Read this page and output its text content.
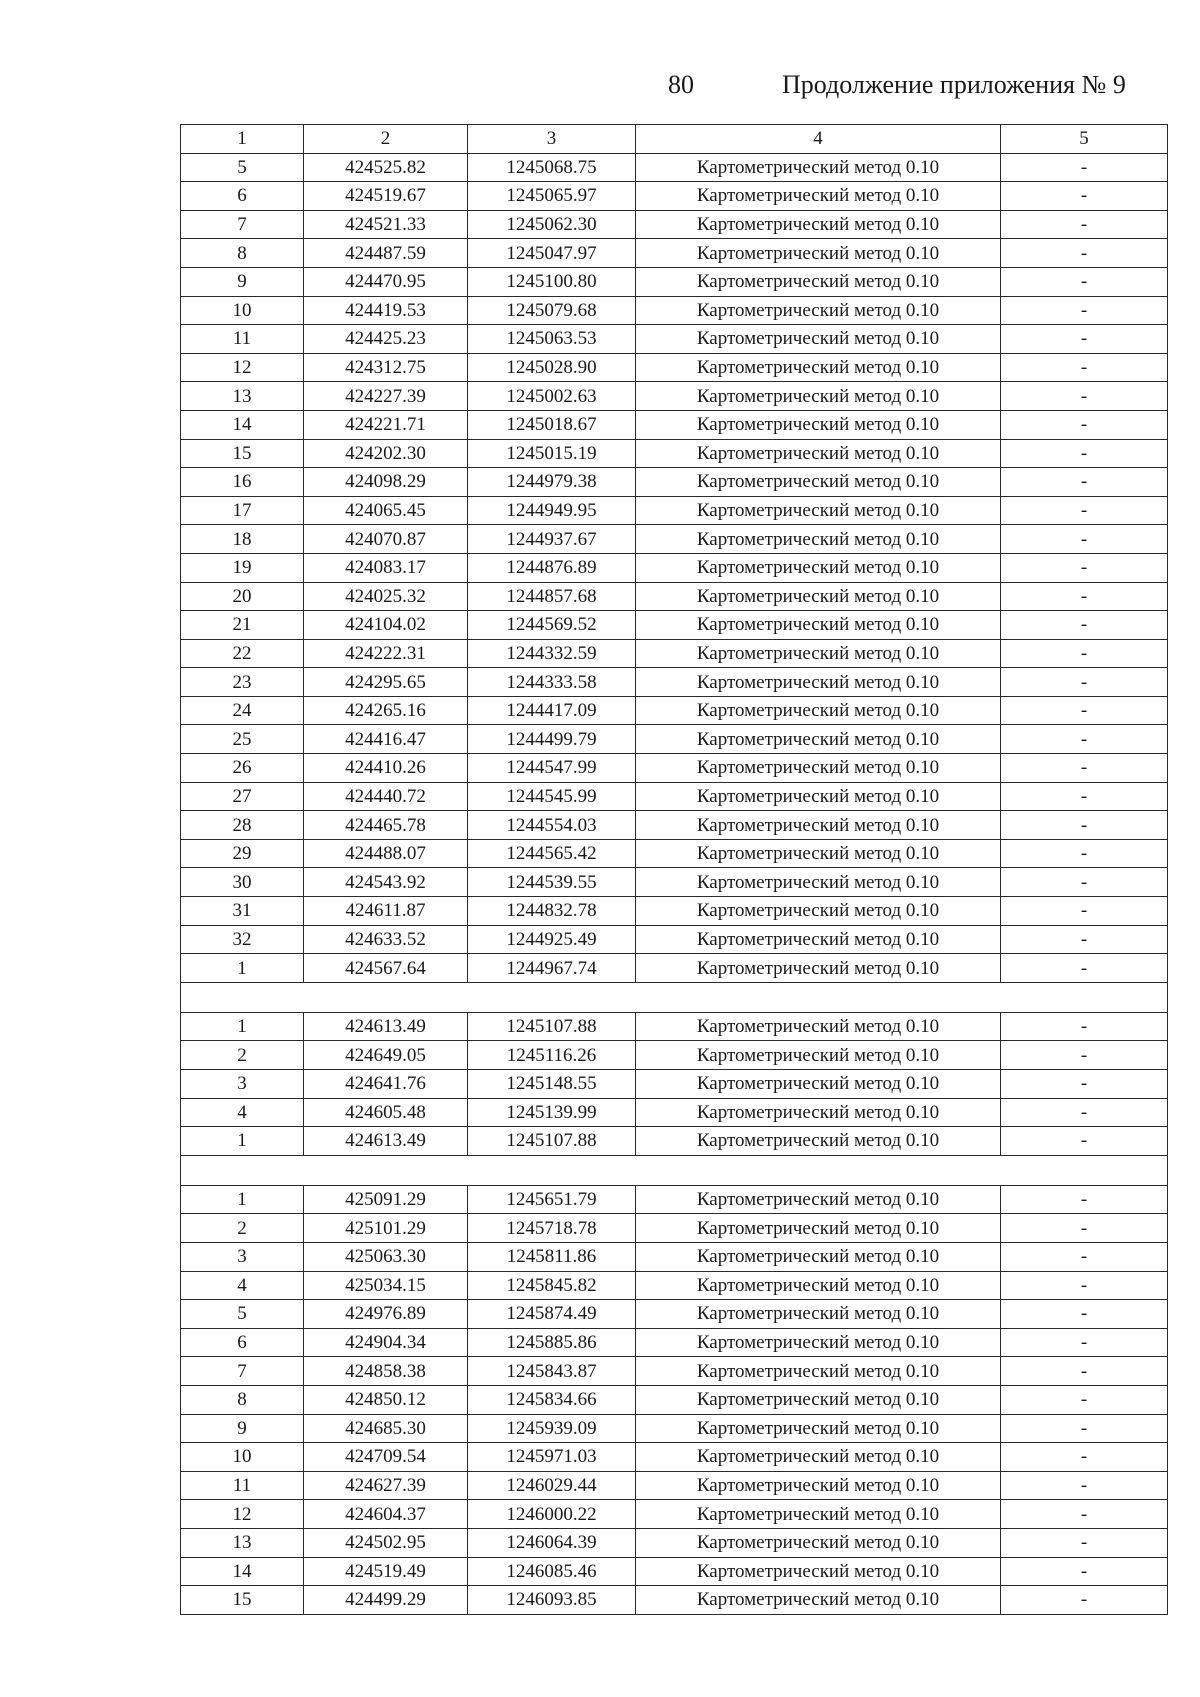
80	Продолжение приложения № 9
1	2	3	4	5
5	424525.82	1245068.75	Картометрический метод 0.10	-
6	424519.67	1245065.97	Картометрический метод 0.10	-
7	424521.33	1245062.30	Картометрический метод 0.10	-
8	424487.59	1245047.97	Картометрический метод 0.10	-
9	424470.95	1245100.80	Картометрический метод 0.10	-
10	424419.53	1245079.68	Картометрический метод 0.10	-
11	424425.23	1245063.53	Картометрический метод 0.10	-
12	424312.75	1245028.90	Картометрический метод 0.10	-
13	424227.39	1245002.63	Картометрический метод 0.10	-
14	424221.71	1245018.67	Картометрический метод 0.10	-
15	424202.30	1245015.19	Картометрический метод 0.10	-
16	424098.29	1244979.38	Картометрический метод 0.10	-
17	424065.45	1244949.95	Картометрический метод 0.10	-
18	424070.87	1244937.67	Картометрический метод 0.10	-
19	424083.17	1244876.89	Картометрический метод 0.10	-
20	424025.32	1244857.68	Картометрический метод 0.10	-
21	424104.02	1244569.52	Картометрический метод 0.10	-
22	424222.31	1244332.59	Картометрический метод 0.10	-
23	424295.65	1244333.58	Картометрический метод 0.10	-
24	424265.16	1244417.09	Картометрический метод 0.10	-
25	424416.47	1244499.79	Картометрический метод 0.10	-
26	424410.26	1244547.99	Картометрический метод 0.10	-
27	424440.72	1244545.99	Картометрический метод 0.10	-
28	424465.78	1244554.03	Картометрический метод 0.10	-
29	424488.07	1244565.42	Картометрический метод 0.10	-
30	424543.92	1244539.55	Картометрический метод 0.10	-
31	424611.87	1244832.78	Картометрический метод 0.10	-
32	424633.52	1244925.49	Картометрический метод 0.10	-
1	424567.64	1244967.74	Картометрический метод 0.10	-

1	424613.49	1245107.88	Картометрический метод 0.10	-
2	424649.05	1245116.26	Картометрический метод 0.10	-
3	424641.76	1245148.55	Картометрический метод 0.10	-
4	424605.48	1245139.99	Картометрический метод 0.10	-
1	424613.49	1245107.88	Картометрический метод 0.10	-

1	425091.29	1245651.79	Картометрический метод 0.10	-
2	425101.29	1245718.78	Картометрический метод 0.10	-
3	425063.30	1245811.86	Картометрический метод 0.10	-
4	425034.15	1245845.82	Картометрический метод 0.10	-
5	424976.89	1245874.49	Картометрический метод 0.10	-
6	424904.34	1245885.86	Картометрический метод 0.10	-
7	424858.38	1245843.87	Картометрический метод 0.10	-
8	424850.12	1245834.66	Картометрический метод 0.10	-
9	424685.30	1245939.09	Картометрический метод 0.10	-
10	424709.54	1245971.03	Картометрический метод 0.10	-
11	424627.39	1246029.44	Картометрический метод 0.10	-
12	424604.37	1246000.22	Картометрический метод 0.10	-
13	424502.95	1246064.39	Картометрический метод 0.10	-
14	424519.49	1246085.46	Картометрический метод 0.10	-
15	424499.29	1246093.85	Картометрический метод 0.10	-
